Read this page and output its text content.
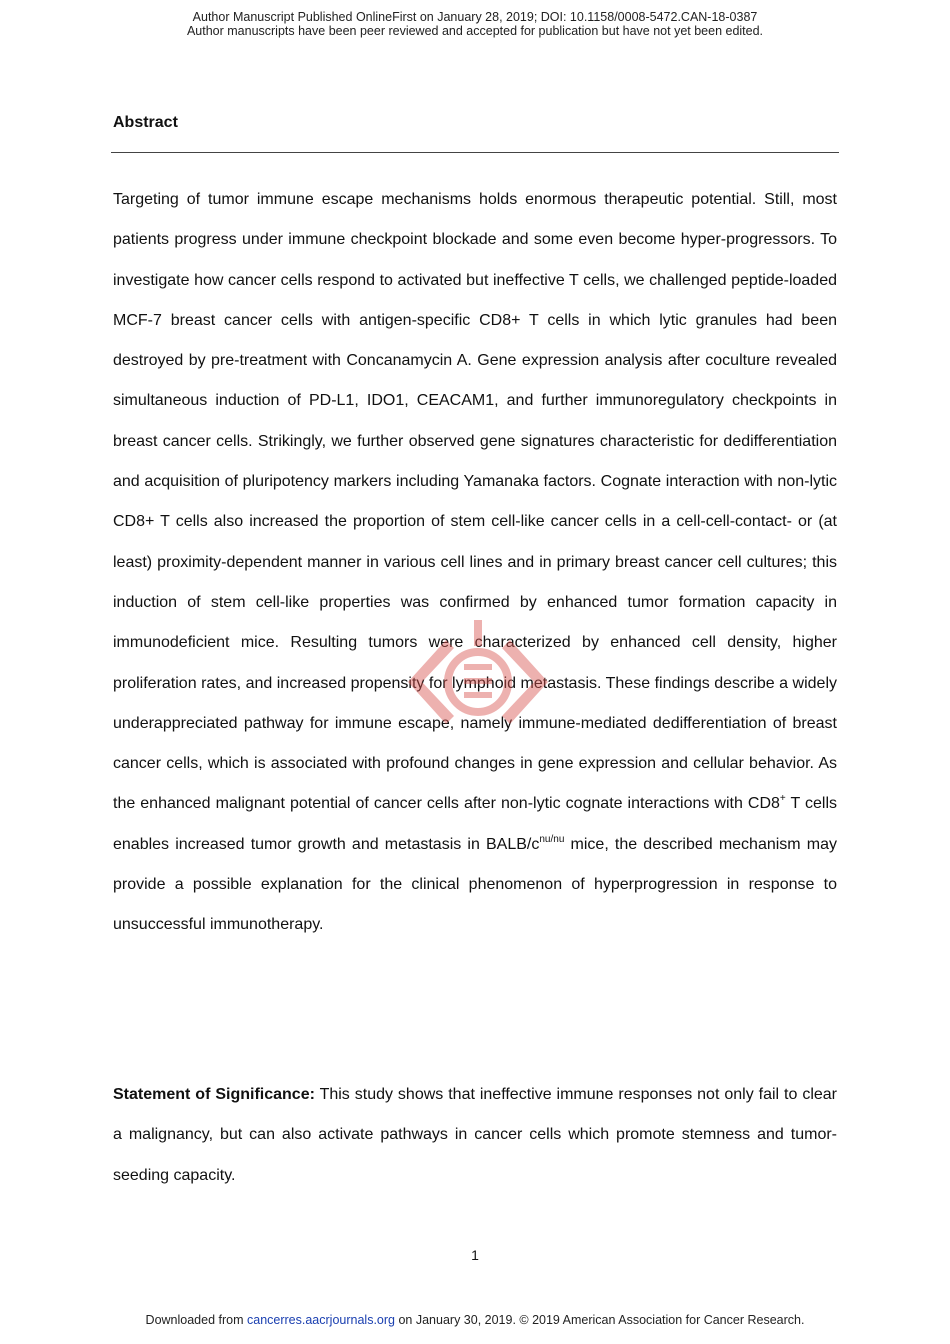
Author Manuscript Published OnlineFirst on January 28, 2019; DOI: 10.1158/0008-5472.CAN-18-0387
Author manuscripts have been peer reviewed and accepted for publication but have not yet been edited.
Abstract

Targeting of tumor immune escape mechanisms holds enormous therapeutic potential. Still, most patients progress under immune checkpoint blockade and some even become hyper-progressors. To investigate how cancer cells respond to activated but ineffective T cells, we challenged peptide-loaded MCF-7 breast cancer cells with antigen-specific CD8+ T cells in which lytic granules had been destroyed by pre-treatment with Concanamycin A. Gene expression analysis after coculture revealed simultaneous induction of PD-L1, IDO1, CEACAM1, and further immunoregulatory checkpoints in breast cancer cells. Strikingly, we further observed gene signatures characteristic for dedifferentiation and acquisition of pluripotency markers including Yamanaka factors. Cognate interaction with non-lytic CD8+ T cells also increased the proportion of stem cell-like cancer cells in a cell-cell-contact- or (at least) proximity-dependent manner in various cell lines and in primary breast cancer cell cultures; this induction of stem cell-like properties was confirmed by enhanced tumor formation capacity in immunodeficient mice. Resulting tumors were characterized by enhanced cell density, higher proliferation rates, and increased propensity for lymphoid metastasis. These findings describe a widely underappreciated pathway for immune escape, namely immune-mediated dedifferentiation of breast cancer cells, which is associated with profound changes in gene expression and cellular behavior. As the enhanced malignant potential of cancer cells after non-lytic cognate interactions with CD8+ T cells enables increased tumor growth and metastasis in BALB/$c^{nu/nu}$ mice, the described mechanism may provide a possible explanation for the clinical phenomenon of hyperprogression in response to unsuccessful immunotherapy.

Statement of Significance: This study shows that ineffective immune responses not only fail to clear a malignancy, but can also activate pathways in cancer cells which promote stemness and tumor-seeding capacity.

1
Downloaded from cancerres.aacrjournals.org on January 30, 2019. © 2019 American Association for Cancer Research.
